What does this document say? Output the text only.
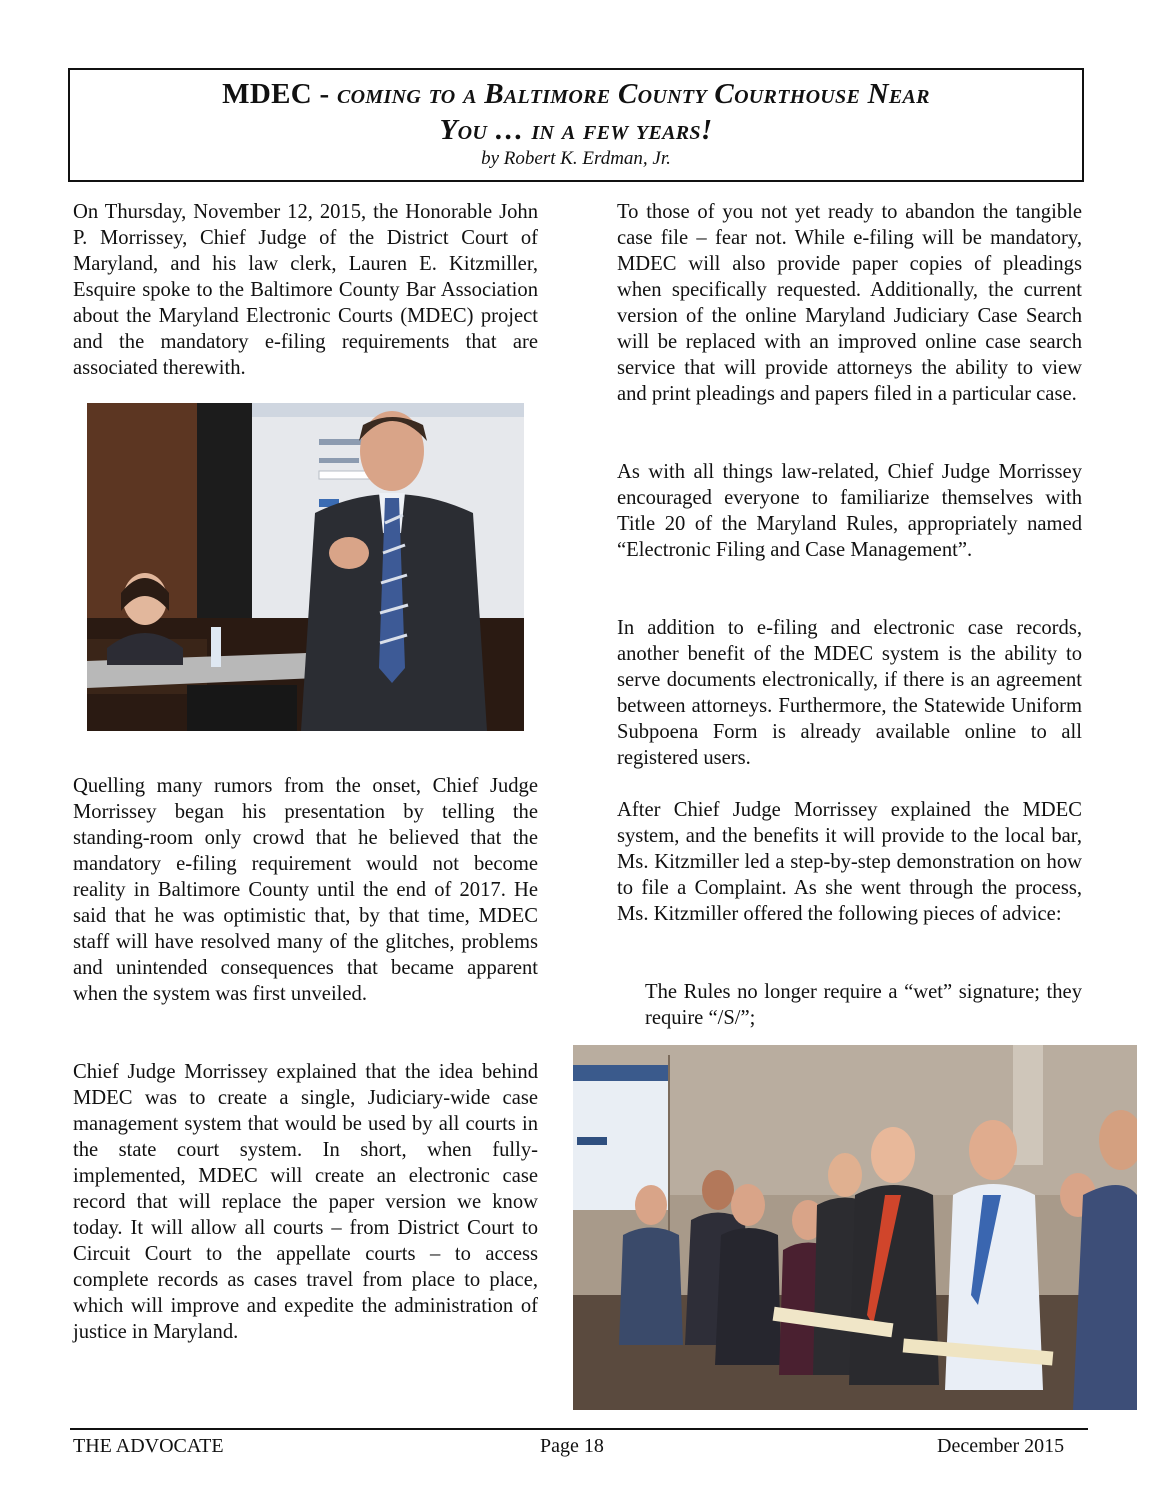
MDEC - coming to a Baltimore County Courthouse Near
You … in a few years!
by Robert K. Erdman, Jr.

On Thursday, November 12, 2015, the Honorable John P. Morrissey, Chief Judge of the District Court of Maryland, and his law clerk, Lauren E. Kitzmiller, Esquire spoke to the Baltimore County Bar Association about the Maryland Electronic Courts (MDEC) project and the mandatory e-filing requirements that are associated therewith.

Quelling many rumors from the onset, Chief Judge Morrissey began his presentation by telling the standing-room only crowd that he believed that the mandatory e-filing requirement would not become reality in Baltimore County until the end of 2017. He said that he was optimistic that, by that time, MDEC staff will have resolved many of the glitches, problems and unintended consequences that became apparent when the system was first unveiled.

Chief Judge Morrissey explained that the idea behind MDEC was to create a single, Judiciary-wide case management system that would be used by all courts in the state court system. In short, when fully-implemented, MDEC will create an electronic case record that will replace the paper version we know today. It will allow all courts – from District Court to Circuit Court to the appellate courts – to access complete records as cases travel from place to place, which will improve and expedite the administration of justice in Maryland.

To those of you not yet ready to abandon the tangible case file – fear not. While e-filing will be mandatory, MDEC will also provide paper copies of pleadings when specifically requested. Additionally, the current version of the online Maryland Judiciary Case Search will be replaced with an improved online case search service that will provide attorneys the ability to view and print pleadings and papers filed in a particular case.

As with all things law-related, Chief Judge Morrissey encouraged everyone to familiarize themselves with Title 20 of the Maryland Rules, appropriately named “Electronic Filing and Case Management”.

In addition to e-filing and electronic case records, another benefit of the MDEC system is the ability to serve documents electronically, if there is an agreement between attorneys. Furthermore, the Statewide Uniform Subpoena Form is already available online to all registered users.

After Chief Judge Morrissey explained the MDEC system, and the benefits it will provide to the local bar, Ms. Kitzmiller led a step-by-step demonstration on how to file a Complaint. As she went through the process, Ms. Kitzmiller offered the following pieces of advice:

The Rules no longer require a “wet” signature; they require “/S/”;

THE ADVOCATE	Page 18	December 2015
